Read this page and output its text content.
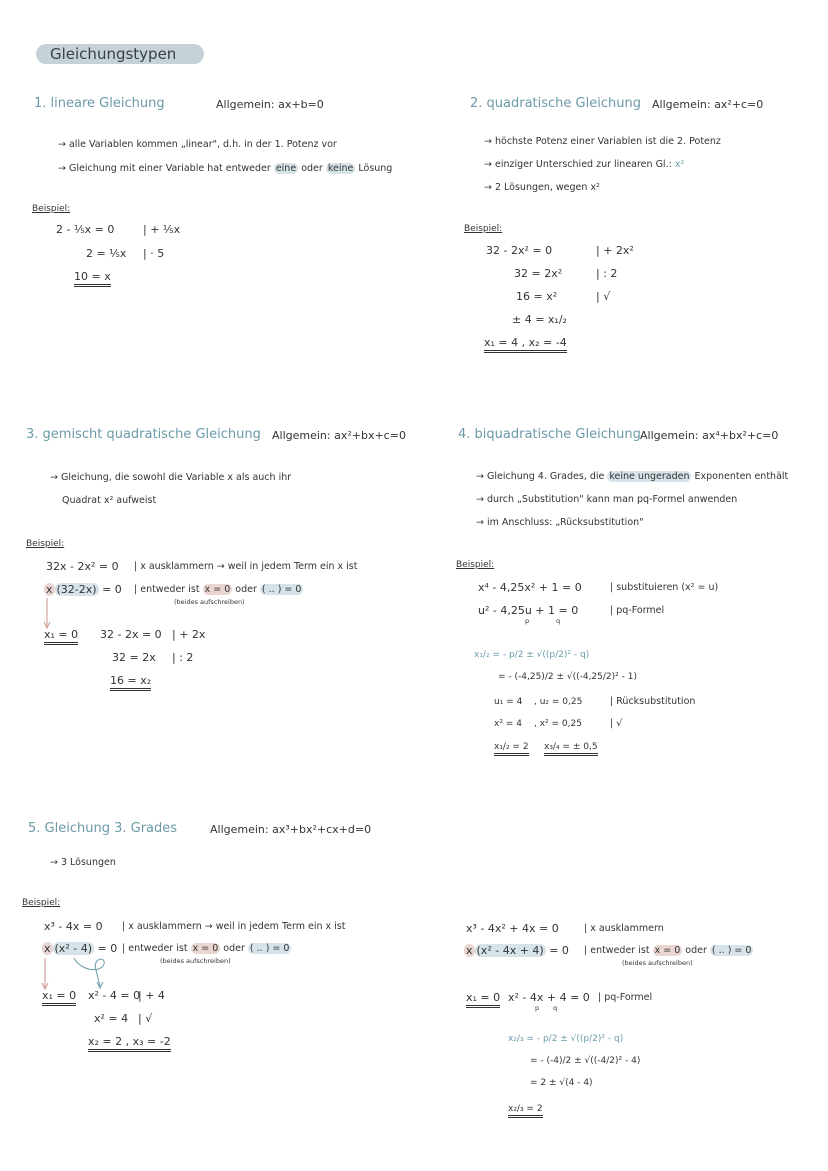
Gleichungstypen
1. lineare Gleichung	Allgemein: ax+b=0
→ alle Variablen kommen „linear", d.h. in der 1. Potenz vor
→ Gleichung mit einer Variable hat entweder eine oder keine Lösung
Beispiel:
2 - ⅕x = 0	| + ⅕x
2 = ⅕x | · 5
10 = x
2. quadratische Gleichung Allgemein: ax²+c=0
→ höchste Potenz einer Variablen ist die 2. Potenz
→ einziger Unterschied zur linearen Gl.: x²
→ 2 Lösungen, wegen x²
Beispiel:
32 - 2x² = 0	| + 2x²
32 = 2x²	| : 2
16 = x²	| √
± 4 = x₁/₂
x₁ = 4 , x₂ = -4
3. gemischt quadratische Gleichung Allgemein: ax²+bx+c=0
→ Gleichung, die sowohl die Variable x als auch ihr
Quadrat x² aufweist
Beispiel:
32x - 2x² = 0 | x ausklammern → weil in jedem Term ein x ist
x (32-2x) = 0 | entweder ist x = 0 oder ( .. ) = 0
(beides aufschreiben)
x₁ = 0 32 - 2x = 0 | + 2x
32 = 2x | : 2
16 = x₂
4. biquadratische Gleichung Allgemein: ax⁴+bx²+c=0
→ Gleichung 4. Grades, die keine ungeraden Exponenten enthält
→ durch „Substitution" kann man pq-Formel anwenden
→ im Anschluss: „Rücksubstitution"
Beispiel:
x⁴ - 4,25x² + 1 = 0	| substituieren (x² = u)
u² - 4,25u + 1 = 0	| pq-Formel
p	q
x₁/₂ = - p/2 ± √((p/2)² - q)
= - (-4,25)/2 ± √((-4,25/2)² - 1)
u₁ = 4 , u₂ = 0,25	| Rücksubstitution
x² = 4 , x² = 0,25	| √
x₁/₂ = 2 x₃/₄ = ± 0,5
5. Gleichung 3. Grades	Allgemein: ax³+bx²+cx+d=0
→ 3 Lösungen
Beispiel:
x³ - 4x = 0 | x ausklammern → weil in jedem Term ein x ist
x (x² - 4) = 0 | entweder ist x = 0 oder ( .. ) = 0
(beides aufschreiben)
x₁ = 0 x² - 4 = 0
| + 4
x² = 4 | √
x₂ = 2 , x₃ = -2
x³ - 4x² + 4x = 0	| x ausklammern
x (x² - 4x + 4) = 0 | entweder ist x = 0 oder ( .. ) = 0
(beides aufschreiben)
x₁ = 0 x² - 4x + 4 = 0 | pq-Formel
p q
x₂/₃ = - p/2 ± √((p/2)² - q)
= - (-4)/2 ± √((-4/2)² - 4)
= 2 ± √(4 - 4)
x₂/₃ = 2
